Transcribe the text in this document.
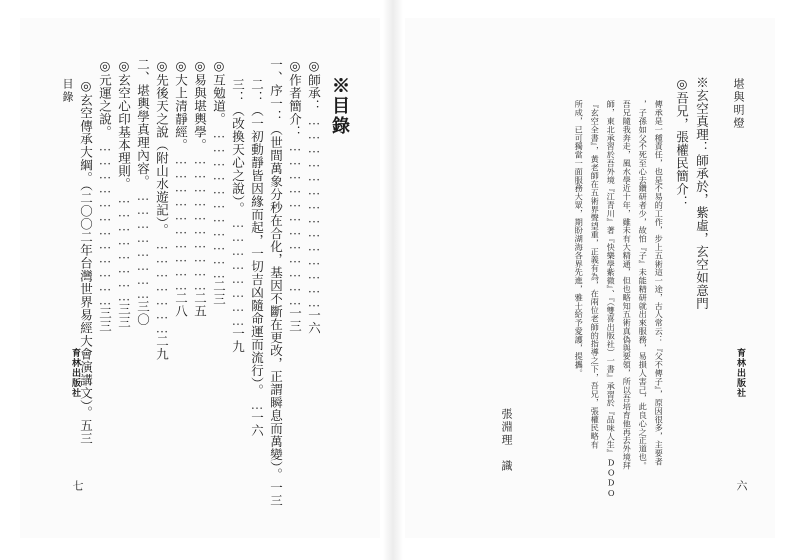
目錄
育林出版社
七
※目錄
◎師承：……………………………………一六
◎作者簡介：………………………………一三
一、序一：（世間萬象分秒在合化，基因不斷在更改，正謂瞬息而萬變）。一三
二：（一初動靜皆因緣而起，一切吉凶隨命運而流行）。…一六
三：（改換天心之說）。……………………一九
◎互勉道。……………………………二三
◎易與堪輿學。…………………………二五
◎大上清靜經。…………………………二八
◎先後天之說（附山水遊記）。…………………二九
二、堪輿學真理內容。……………………三〇
◎玄空心印基本理則。……………………三三
◎元運之說。………………………………三三
◎玄空傳承大綱。（二〇〇二年台灣世界易經大會演講文）。五三
堪與明燈
育林出版社
六
※玄空真理：師承於，紫虛，玄空如意門
◎吾兄，張權民簡介：
傳承是一種責任，也是不易的工作，步上五術這一途，古人常云：『父不傳子』，原因很多，主要者
，子孫如父不死至心去鑽研者少，故怕『子』未能精研就出來服務，易損人害己，此良心之正道也。
吾兄隨我奔走，風水學近十年，雖未有大精通，但也略知五術真偽與要領，所以吾培育他再去外境拜
師，東北承習於吾外境『江青川』著『快樂學紫微』、『（雙喜出版社）一書』承習於『品味人生』DODO
『玄空全書』，黃老師在五術界聲望重，正義有為，在兩位老師的指導之下，吾兄，張權民略有
所成，已可獨當一面服務大眾，期盼湖海各界先進，雅士給予愛護，提攜。
張淵理　識
